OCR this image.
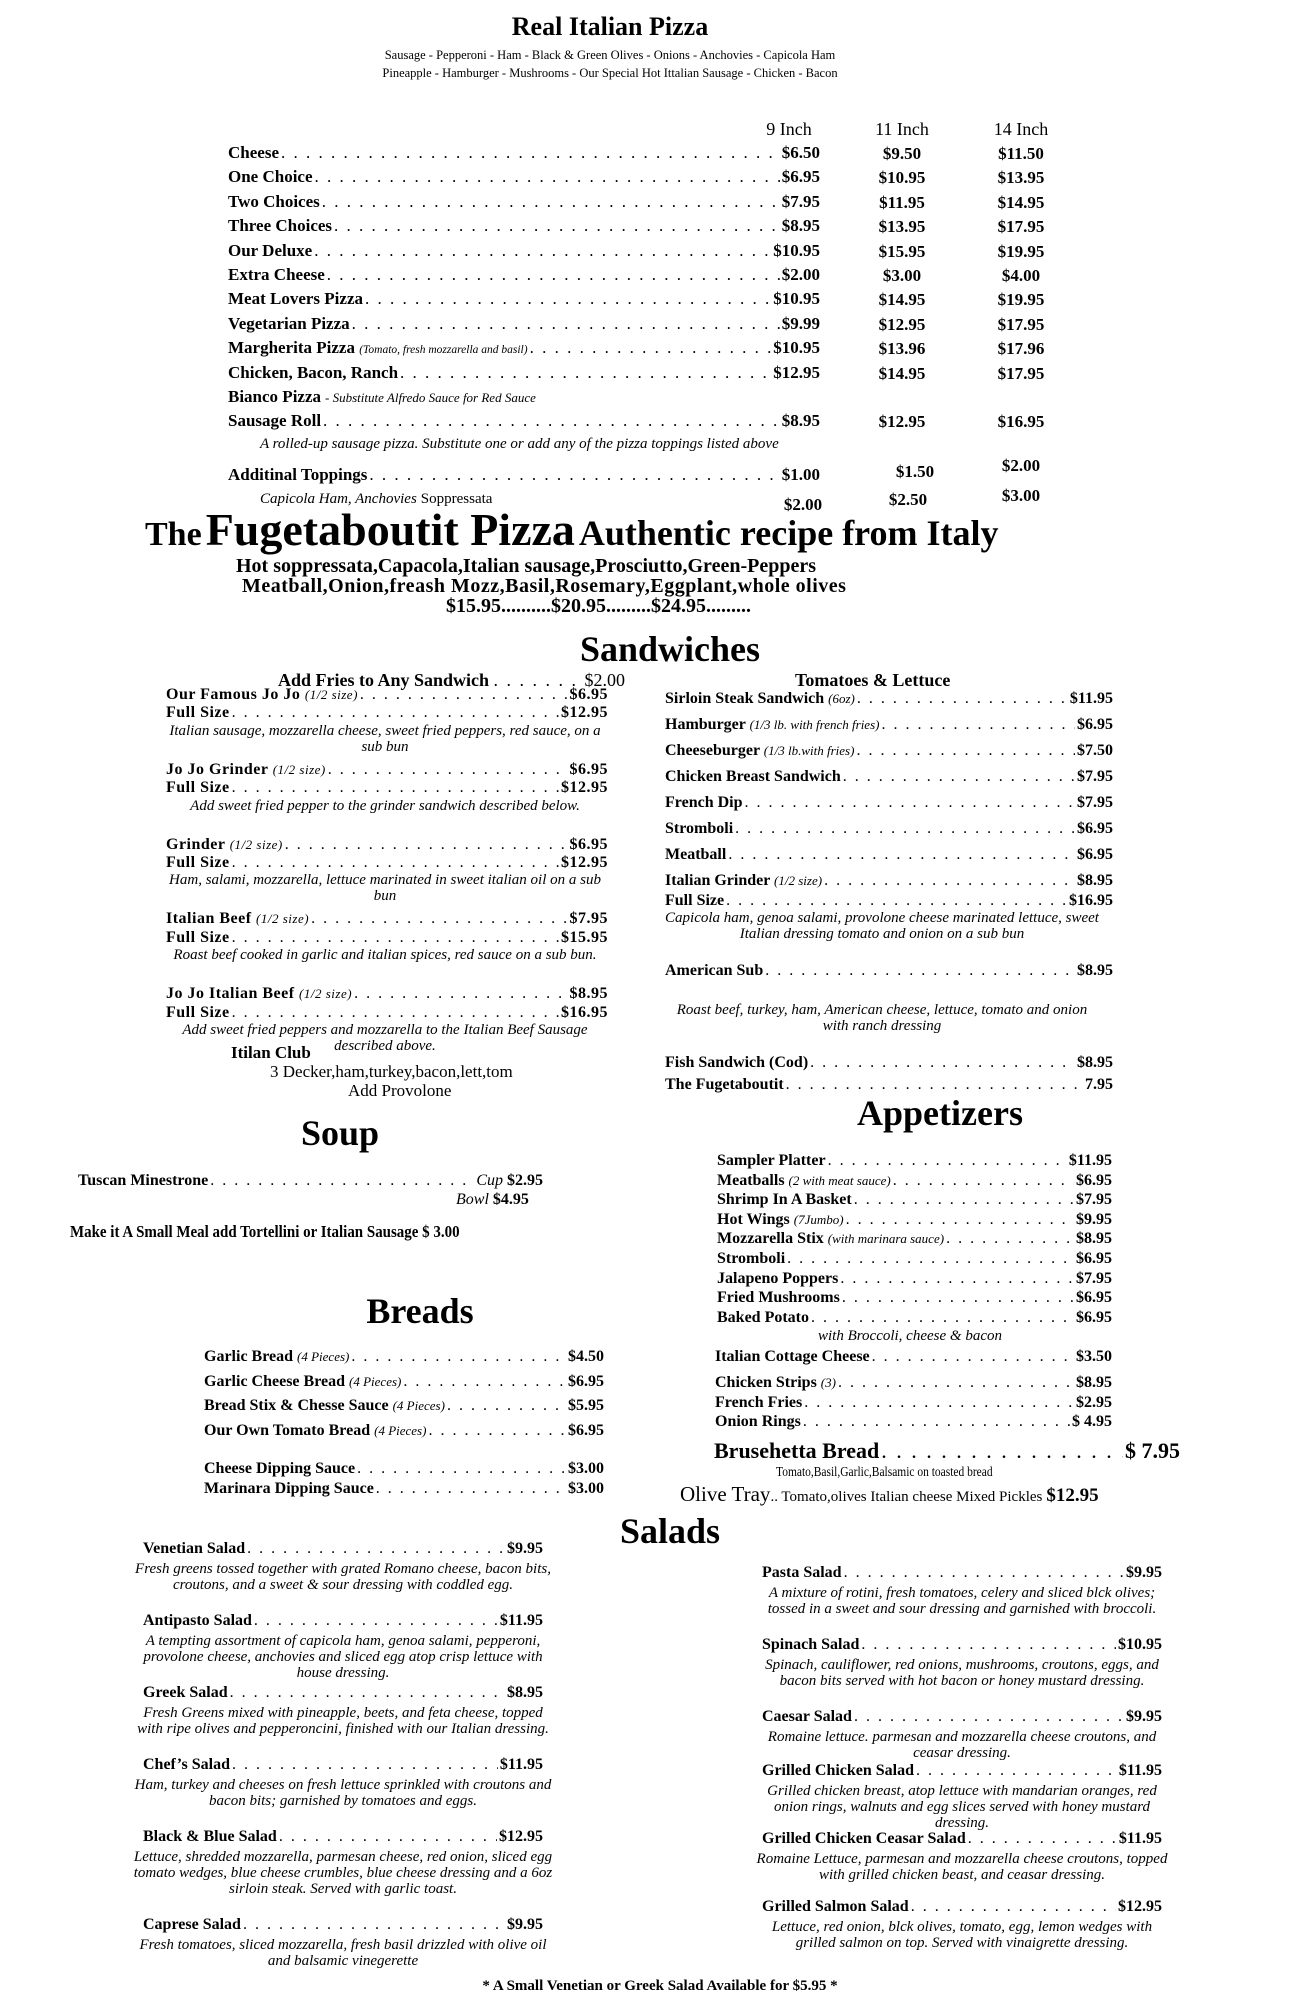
Real Italian Pizza
Sausage - Pepperoni - Ham - Black & Green Olives - Onions - Anchovies - Capicola Ham
Pineapple - Hamburger - Mushrooms - Our Special Hot Ittalian Sausage - Chicken - Bacon
9 Inch	11 Inch	14 Inch
Cheese . . .	$6.50	$9.50	$11.50
One Choice . . .	$6.95	$10.95	$13.95
Two Choices . . .	$7.95	$11.95	$14.95
Three Choices . . .	$8.95	$13.95	$17.95
Our Deluxe . . .	$10.95	$15.95	$19.95
Extra Cheese . . .	$2.00	$3.00	$4.00
Meat Lovers Pizza . . .	$10.95	$14.95	$19.95
Vegetarian Pizza . . .	$9.99	$12.95	$17.95
Margherita Pizza (Tomato, fresh mozzarella and basil) . . .	$10.95	$13.96	$17.96
Chicken, Bacon, Ranch . . .	$12.95	$14.95	$17.95
Bianco Pizza - Substitute Alfredo Sauce for Red Sauce
Sausage Roll . . .	$8.95	$12.95	$16.95
A rolled-up sausage pizza. Substitute one or add any of the pizza toppings listed above
Additinal Toppings . . .	$1.00	$1.50	$2.00
Capicola Ham, Anchovies Soppressata	$2.00	$2.50	$3.00
The Fugetaboutit Pizza Authentic recipe from Italy
Hot soppressata,Capacola,Italian sausage,Prosciutto,Green-Peppers
Meatball,Onion,freash Mozz,Basil,Rosemary,Eggplant,whole olives
$15.95..........$20.95.........$24.95.........
Sandwiches
Add Fries to Any Sandwich . . . . . . . $2.00	Tomatoes & Lettuce
Our Famous Jo Jo (1/2 size) . . .	$6.95
Full Size . . .	$12.95
Italian sausage, mozzarella cheese, sweet fried peppers, red sauce, on a sub bun
Jo Jo Grinder (1/2 size) . . .	$6.95
Full Size . . .	$12.95
Add sweet fried pepper to the grinder sandwich described below.
Grinder (1/2 size) . . .	$6.95
Full Size . . .	$12.95
Ham, salami, mozzarella, lettuce marinated in sweet italian oil on a sub bun
Italian Beef (1/2 size) . . .	$7.95
Full Size . . .	$15.95
Roast beef cooked in garlic and italian spices, red sauce on a sub bun.
Jo Jo Italian Beef (1/2 size) . . .	$8.95
Full Size . . .	$16.95
Add sweet fried peppers and mozzarella to the Italian Beef Sausage described above.
Sirloin Steak Sandwich (6oz) . . .	$11.95
Hamburger (1/3 lb. with french fries) . . .	$6.95
Cheeseburger (1/3 lb.with fries) . . .	$7.50
Chicken Breast Sandwich . . .	$7.95
French Dip . . .	$7.95
Stromboli . . .	$6.95
Meatball . . .	$6.95
Italian Grinder (1/2 size) . . .	$8.95
Full Size . . .	$16.95
Capicola ham, genoa salami, provolone cheese marinated lettuce, sweet Italian dressing tomato and onion on a sub bun
American Sub . . .	$8.95
Roast beef, turkey, ham, American cheese, lettuce, tomato and onion with ranch dressing
Fish Sandwich (Cod) . . .	$8.95
The Fugetaboutit . . .	7.95
Itilan Club
3 Decker,ham,turkey,bacon,lett,tom
Add Provolone
Soup
Tuscan Minestrone . . .	Cup $2.95
Bowl $4.95
Make it A Small Meal add Tortellini or Italian Sausage $ 3.00
Breads
Garlic Bread (4 Pieces) . . .	$4.50
Garlic Cheese Bread (4 Pieces) . . .	$6.95
Bread Stix & Chesse Sauce (4 Pieces) . . .	$5.95
Our Own Tomato Bread (4 Pieces) . . .	$6.95
Cheese Dipping Sauce . . .	$3.00
Marinara Dipping Sauce . . .	$3.00
Appetizers
Sampler Platter . . .	$11.95
Meatballs (2 with meat sauce) . . .	$6.95
Shrimp In A Basket . . .	$7.95
Hot Wings (7Jumbo) . . .	$9.95
Mozzarella Stix (with marinara sauce) . . .	$8.95
Stromboli . . .	$6.95
Jalapeno Poppers . . .	$7.95
Fried Mushrooms . . .	$6.95
Baked Potato . . .	$6.95
with Broccoli, cheese & bacon
Italian Cottage Cheese . . .	$3.50
Chicken Strips (3) . . .	$8.95
French Fries . . .	$2.95
Onion Rings . . .	$ 4.95
Brusehetta Bread . . .	$ 7.95
Tomato,Basil,Garlic,Balsamic on toasted bread
Olive Tray.. Tomato,olives Italian cheese Mixed Pickles $12.95
Salads
Venetian Salad . . .	$9.95
Fresh greens tossed together with grated Romano cheese, bacon bits, croutons, and a sweet & sour dressing with coddled egg.
Antipasto Salad . . .	$11.95
A tempting assortment of capicola ham, genoa salami, pepperoni, provolone cheese, anchovies and sliced egg atop crisp lettuce with house dressing.
Greek Salad . . .	$8.95
Fresh Greens mixed with pineapple, beets, and feta cheese, topped with ripe olives and pepperoncini, finished with our Italian dressing.
Chef’s Salad . . .	$11.95
Ham, turkey and cheeses on fresh lettuce sprinkled with croutons and bacon bits; garnished by tomatoes and eggs.
Black & Blue Salad . . .	$12.95
Lettuce, shredded mozzarella, parmesan cheese, red onion, sliced egg tomato wedges, blue cheese crumbles, blue cheese dressing and a 6oz sirloin steak. Served with garlic toast.
Caprese Salad . . .	$9.95
Fresh tomatoes, sliced mozzarella, fresh basil drizzled with olive oil and balsamic vinegerette
Pasta Salad . . .	$9.95
A mixture of rotini, fresh tomatoes, celery and sliced blck olives; tossed in a sweet and sour dressing and garnished with broccoli.
Spinach Salad . . .	$10.95
Spinach, cauliflower, red onions, mushrooms, croutons, eggs, and bacon bits served with hot bacon or honey mustard dressing.
Caesar Salad . . .	$9.95
Romaine lettuce. parmesan and mozzarella cheese croutons, and ceasar dressing.
Grilled Chicken Salad . . .	$11.95
Grilled chicken breast, atop lettuce with mandarian oranges, red onion rings, walnuts and egg slices served with honey mustard dressing.
Grilled Chicken Ceasar Salad . . .	$11.95
Romaine Lettuce, parmesan and mozzarella cheese croutons, topped with grilled chicken beast, and ceasar dressing.
Grilled Salmon Salad . . .	$12.95
Lettuce, red onion, blck olives, tomato, egg, lemon wedges with grilled salmon on top. Served with vinaigrette dressing.
* A Small Venetian or Greek Salad Available for $5.95 *
